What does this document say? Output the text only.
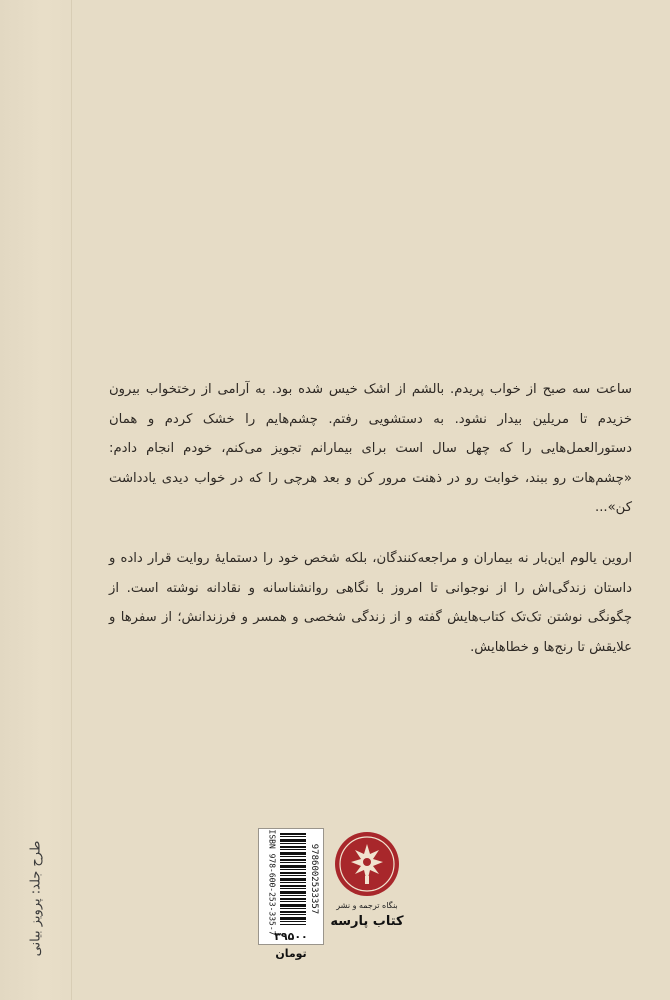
طرح جلد: پرویز بیانی

ساعت سه صبح از خواب پریدم. بالشم از اشک خیس شده بود. به آرامی از رختخواب بیرون خزیدم تا مریلین بیدار نشود. به دستشویی رفتم. چشم‌هایم را خشک کردم و همان دستورالعمل‌هایی را که چهل سال است برای بیمارانم تجویز می‌کنم، خودم انجام دادم: «چشم‌هات رو ببند، خوابت رو در ذهنت مرور کن و بعد هرچی را که در خواب دیدی یادداشت کن»...

اروین یالوم این‌بار نه بیماران و مراجعه‌کنندگان، بلکه شخص خود را دستمایهٔ روایت قرار داده و داستان زندگی‌اش را از نوجوانی تا امروز با نگاهی روانشناسانه و نقادانه نوشته است. از چگونگی نوشتن تک‌تک کتاب‌هایش گفته و از زندگی شخصی و همسر و فرزندانش؛ از سفرها و علایقش تا رنج‌ها و خطاهایش.

ISBN 978-600-253-335-7	9786002533357
۳۹۵۰۰ تومان
بنگاه ترجمه و نشر
کتاب پارسه
